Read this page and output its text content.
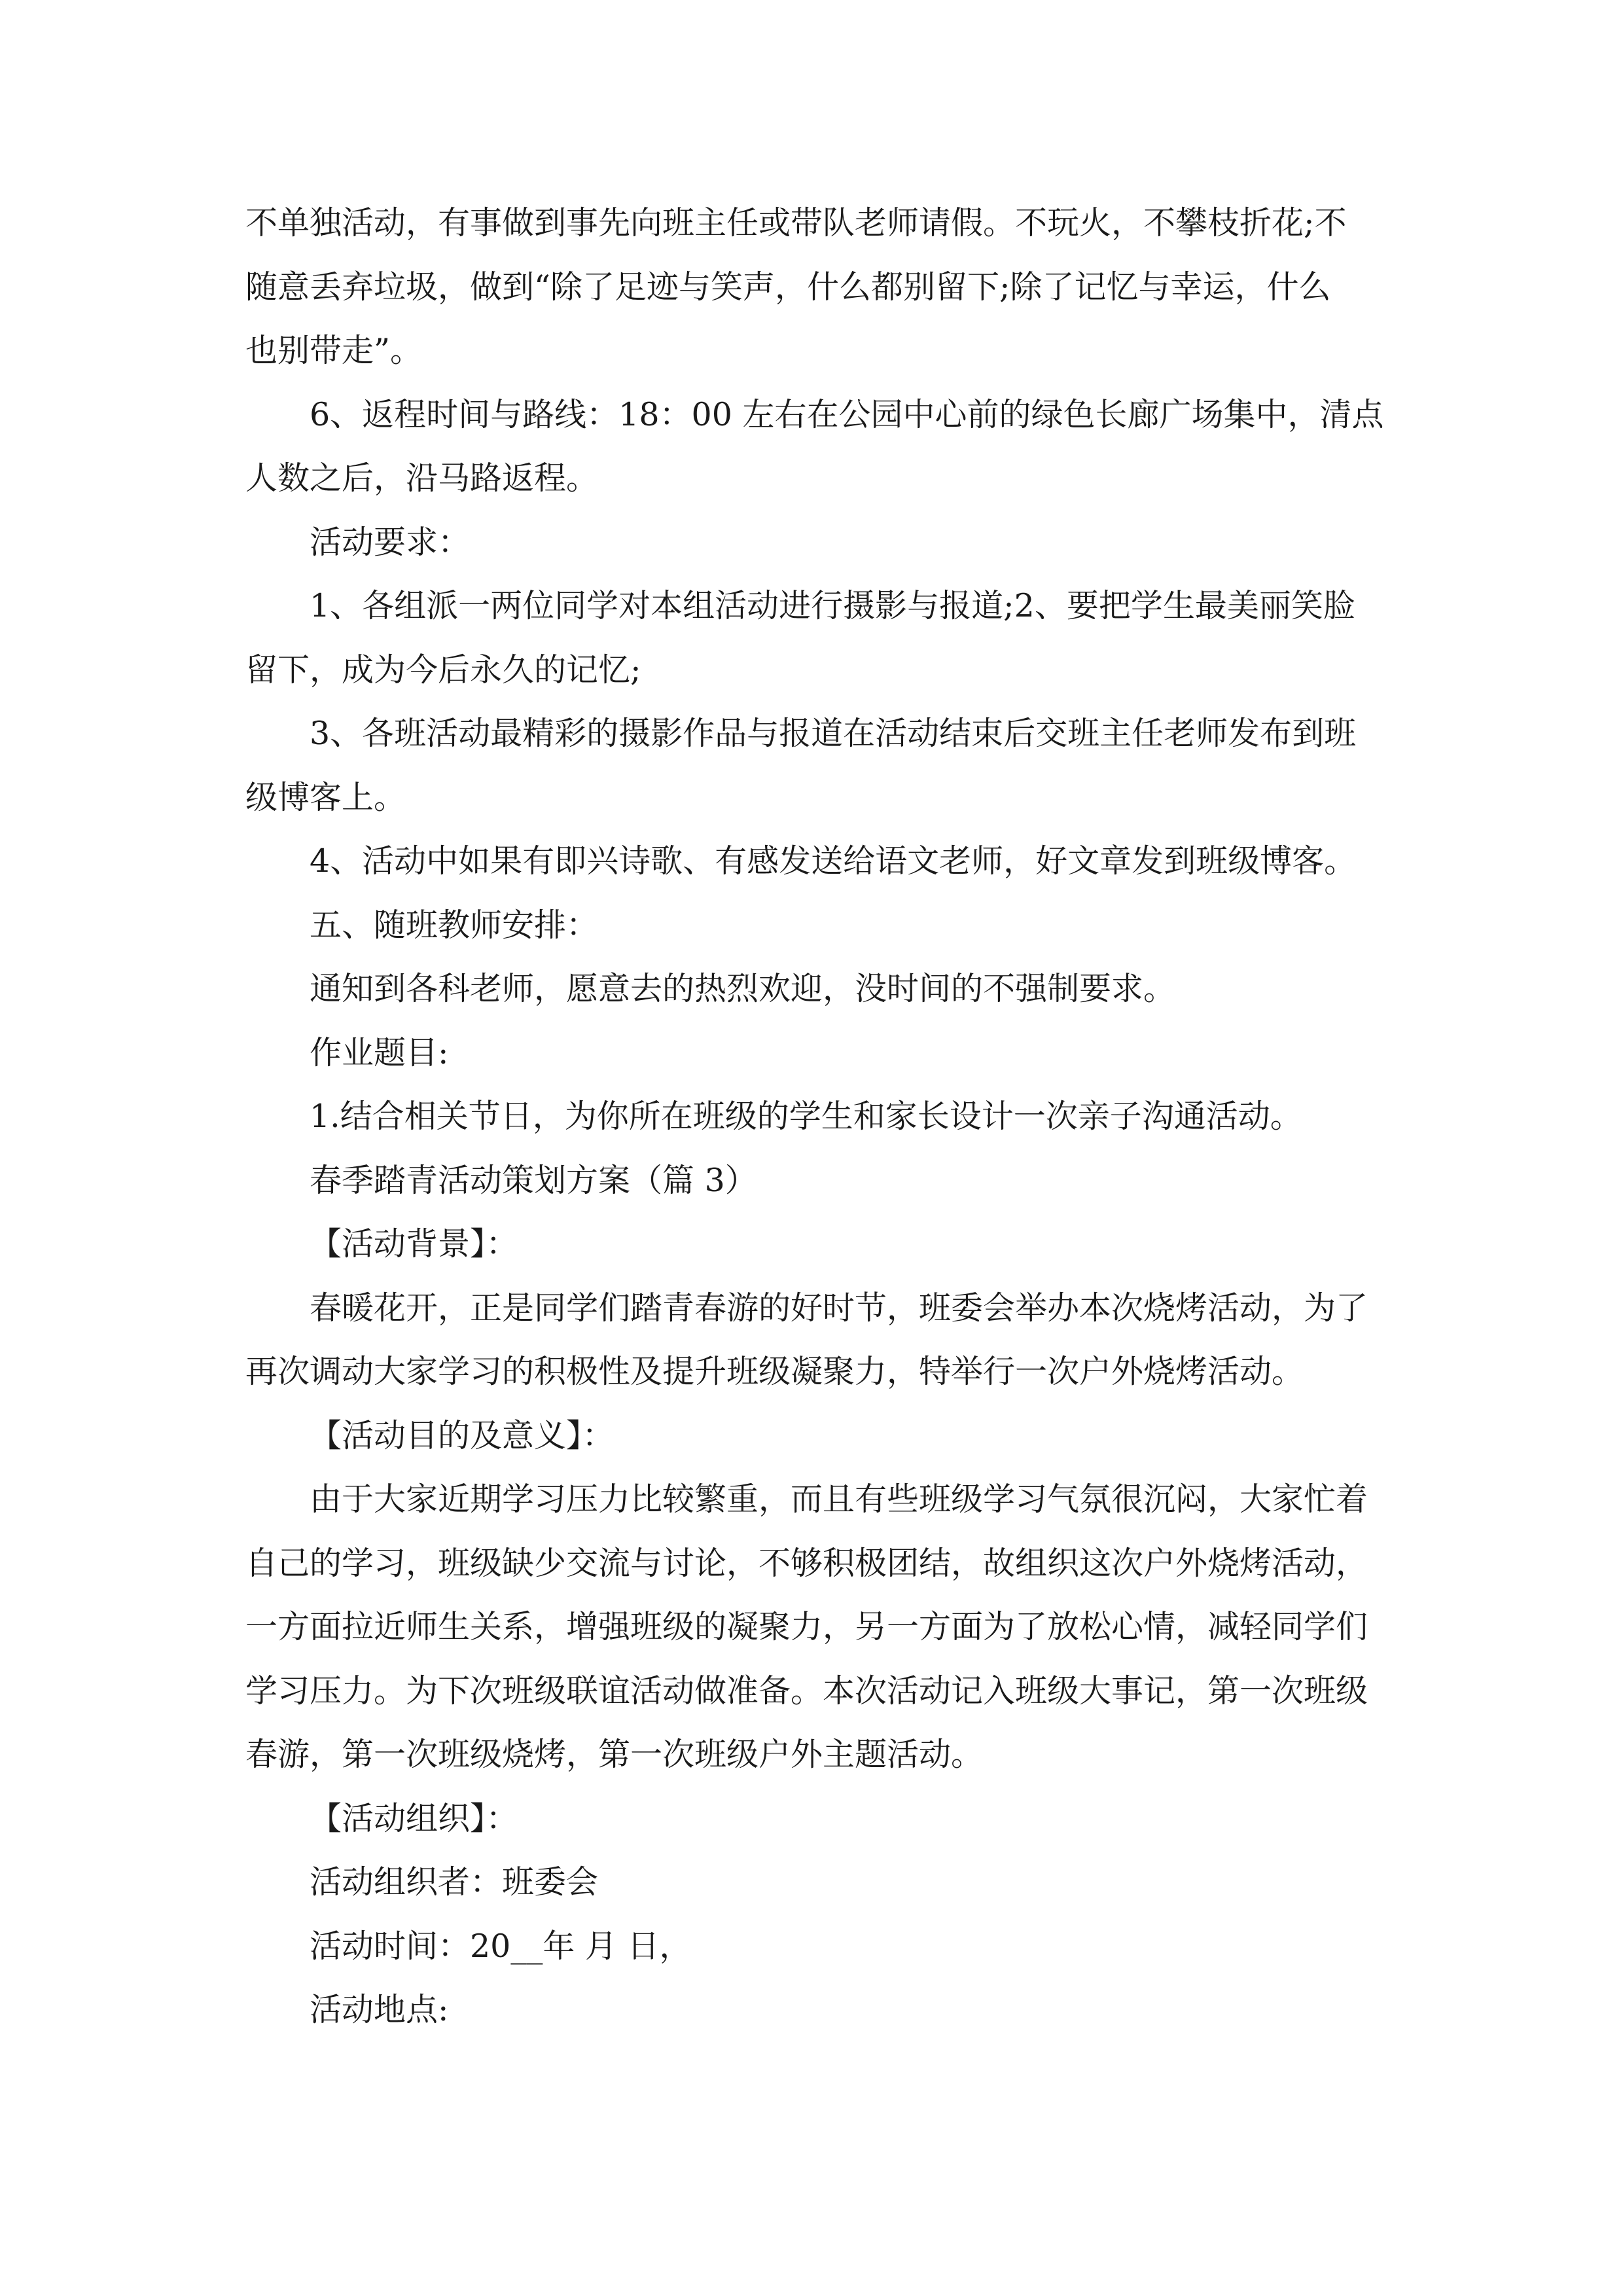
不单独活动，有事做到事先向班主任或带队老师请假。不玩火，不攀枝折花;不
随意丢弃垃圾，做到“除了足迹与笑声，什么都别留下;除了记忆与幸运，什么
也别带走”。
6、返程时间与路线：18：00 左右在公园中心前的绿色长廊广场集中，清点
人数之后，沿马路返程。
活动要求：
1、各组派一两位同学对本组活动进行摄影与报道;2、要把学生最美丽笑脸
留下，成为今后永久的记忆;
3、各班活动最精彩的摄影作品与报道在活动结束后交班主任老师发布到班
级博客上。
4、活动中如果有即兴诗歌、有感发送给语文老师，好文章发到班级博客。
五、随班教师安排：
通知到各科老师，愿意去的热烈欢迎，没时间的不强制要求。
作业题目:
1.结合相关节日，为你所在班级的学生和家长设计一次亲子沟通活动。
春季踏青活动策划方案（篇 3）
【活动背景】：
春暖花开，正是同学们踏青春游的好时节，班委会举办本次烧烤活动，为了
再次调动大家学习的积极性及提升班级凝聚力，特举行一次户外烧烤活动。
【活动目的及意义】：
由于大家近期学习压力比较繁重，而且有些班级学习气氛很沉闷，大家忙着
自己的学习，班级缺少交流与讨论，不够积极团结，故组织这次户外烧烤活动，
一方面拉近师生关系，增强班级的凝聚力，另一方面为了放松心情，减轻同学们
学习压力。为下次班级联谊活动做准备。本次活动记入班级大事记，第一次班级
春游，第一次班级烧烤，第一次班级户外主题活动。
【活动组织】：
活动组织者：班委会
活动时间：20__年 月 日，
活动地点:
